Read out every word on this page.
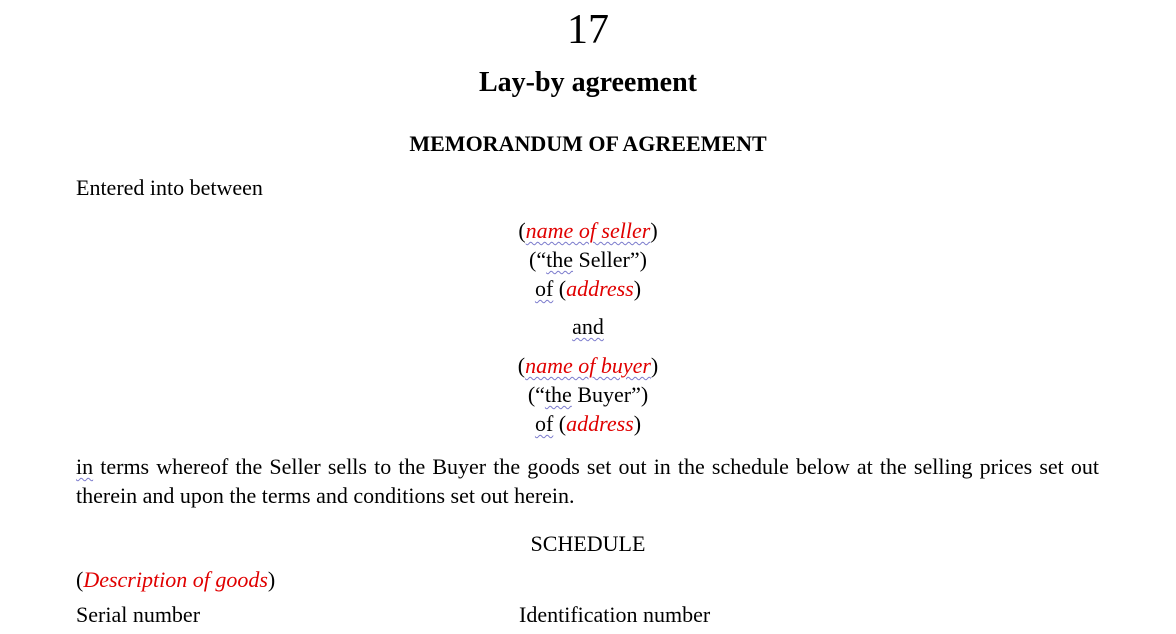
17
Lay-by agreement
MEMORANDUM OF AGREEMENT
Entered into between
(name of seller)
(“the Seller”)
of (address)
and
(name of buyer)
(“the Buyer”)
of (address)
in terms whereof the Seller sells to the Buyer the goods set out in the schedule below at the selling prices set out therein and upon the terms and conditions set out herein.
SCHEDULE
(Description of goods)
Serial number	Identification number
